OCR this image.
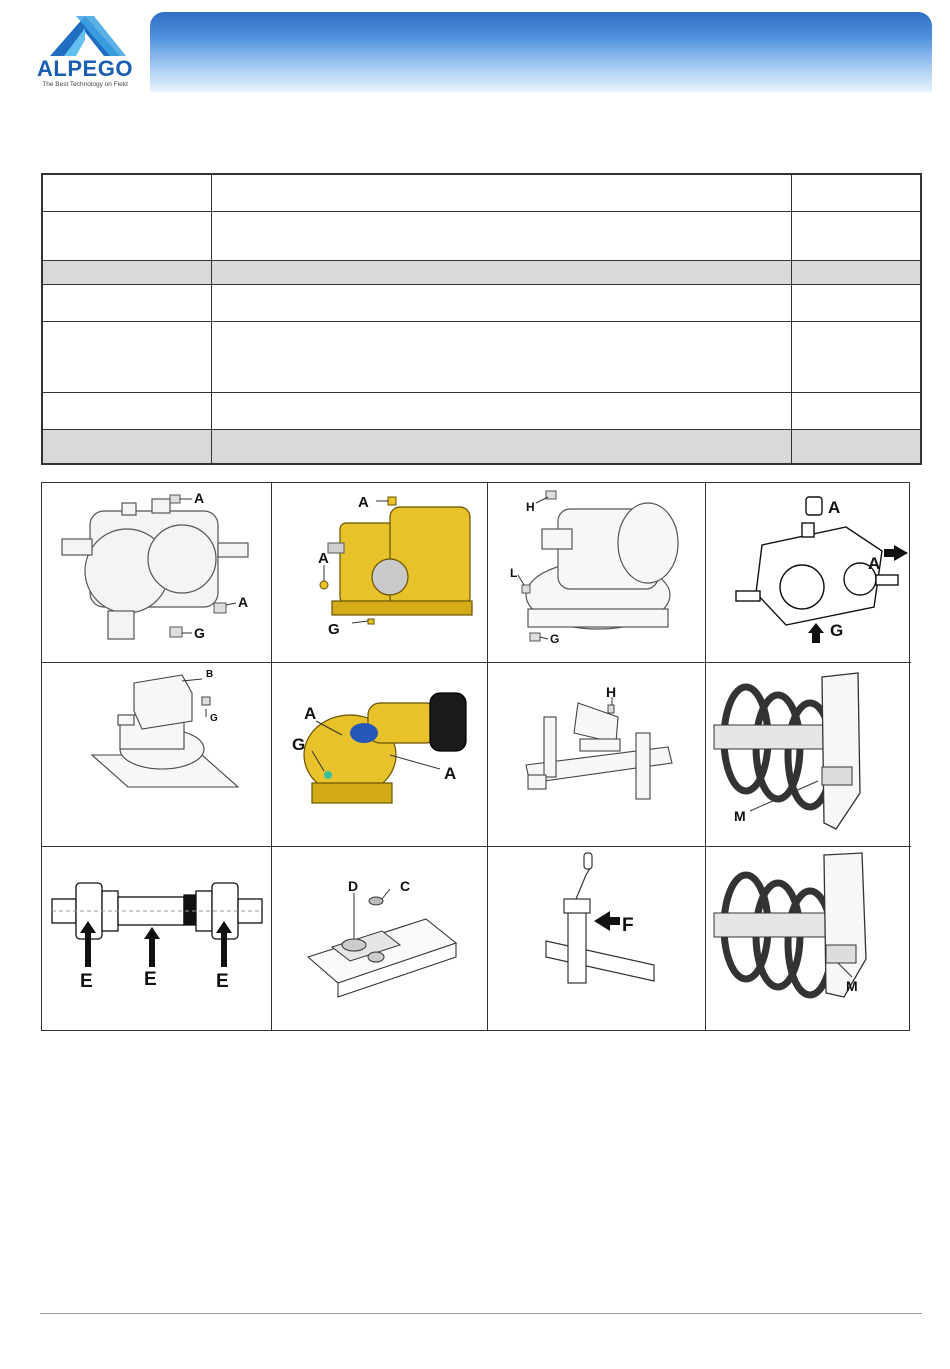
ALPEGO
The Best Technology on Field
A
A
G
A
A
G
H
L
G
A
A
G
B
G	A
G
A
H
M
E	E	E
D	C
F
M
